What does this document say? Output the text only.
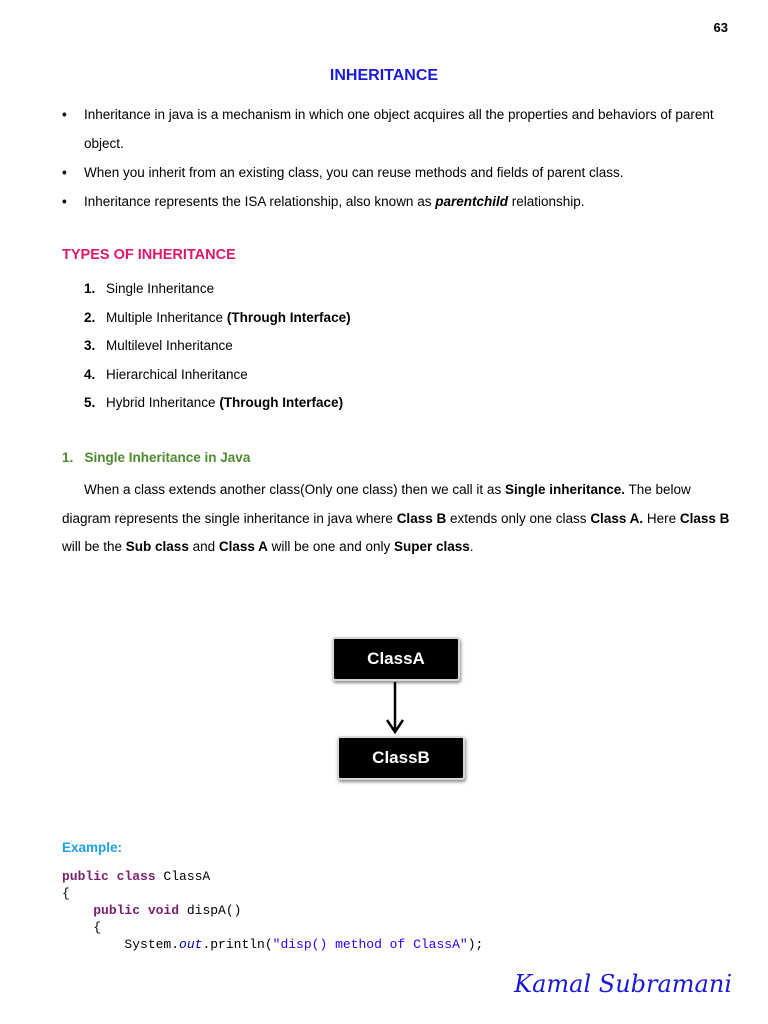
63
INHERITANCE
• Inheritance in java is a mechanism in which one object acquires all the properties and behaviors of parent object.
• When you inherit from an existing class, you can reuse methods and fields of parent class.
• Inheritance represents the ISA relationship, also known as parentchild relationship.
TYPES OF INHERITANCE
1. Single Inheritance
2. Multiple Inheritance (Through Interface)
3. Multilevel Inheritance
4. Hierarchical Inheritance
5. Hybrid Inheritance (Through Interface)
1.   Single Inheritance in Java
When a class extends another class(Only one class) then we call it as Single inheritance. The below diagram represents the single inheritance in java where Class B extends only one class Class A. Here Class B will be the Sub class and Class A will be one and only Super class.
ClassA
ClassB
Example:
public class ClassA
{
public void dispA()
{
System.out.println("disp() method of ClassA");
Kamal Subramani
